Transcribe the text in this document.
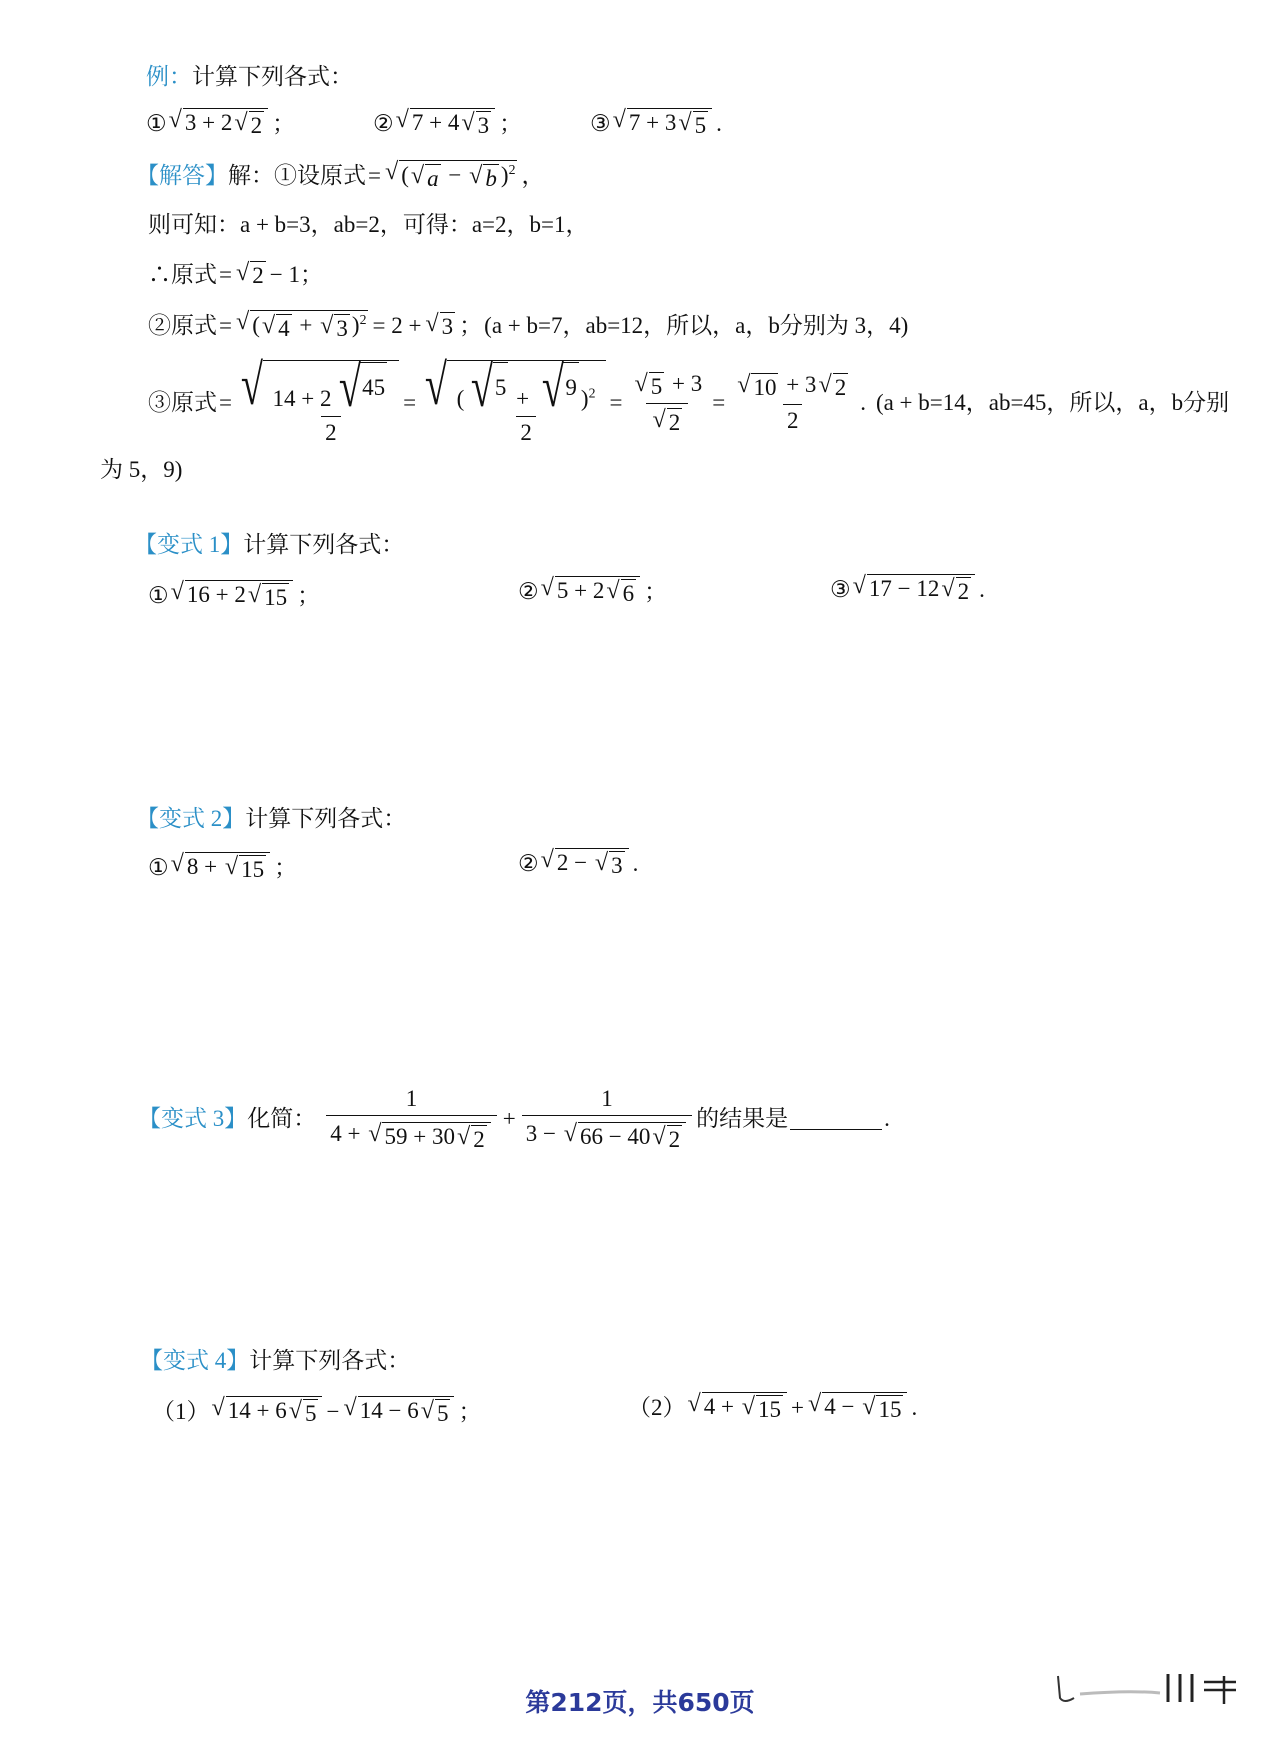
例 ： 计算下列各式：
① √ 3 + 2 √ 2 ；	② √ 7 + 4 √ 3 ；	③ √ 7 + 3 √ 5 .
【解答】 解：①设原式 = √ ( √ a − √ b )$^2$ ，
则可知：a + b=3，ab=2，可得：a=2，b=1，
∴原式 = √ 2 − 1；
②原式 = √ ( √ 4 + √ 3 )$^2$ = 2 + √ 3 ； (a + b=7，ab=12，所以，a，b分别为 3，4)
③原式 = √ $\frac{14 + 2 √ 45}{2}$ = √ $\frac{( √ 5 + √ 9 )^2}{2} = \frac{√ 5 + 3}{√ 2} = \frac{√ 10 + 3 √ 2}{2}$ . (a + b=14，ab=45，所以，a，b分别
为 5，9)
【变式 1】 计算下列各式：
① √ 16 + 2 √ 15 ；	② √ 5 + 2 √ 6 ；	③ √ 17 − 12 √ 2 .
【变式 2】 计算下列各式：
① √ 8 + √ 15 ；	② √ 2 − √ 3 .
【变式 3】 化简： $\frac{1}{4 + √ 59 + 30 √ 2} + \frac{1}{3 - √ 66 - 40 √ 2}$ 的结果是	.
【变式 4】 计算下列各式：
（1） √ 14 + 6 √ 5 − √ 14 − 6 √ 5 ；	（2） √ 4 + √ 15 + √ 4 − √ 15 .
第212页，共650页
